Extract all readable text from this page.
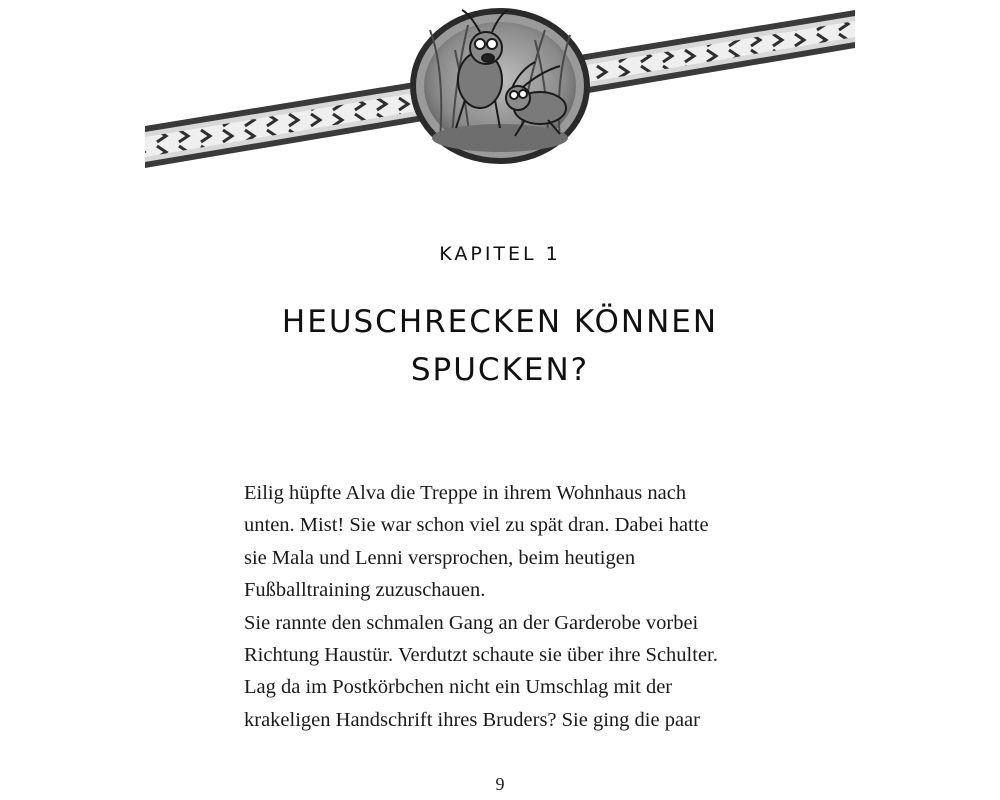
KAPITEL 1
HEUSCHRECKEN KÖNNEN
SPUCKEN?

Eilig hüpfte Alva die Treppe in ihrem Wohnhaus nach
unten. Mist! Sie war schon viel zu spät dran. Dabei hatte
sie Mala und Lenni versprochen, beim heutigen
Fußballtraining zuzuschauen.

Sie rannte den schmalen Gang an der Garderobe vorbei
Richtung Haustür. Verdutzt schaute sie über ihre Schulter.
Lag da im Postkörbchen nicht ein Umschlag mit der
krakeligen Handschrift ihres Bruders? Sie ging die paar

9
